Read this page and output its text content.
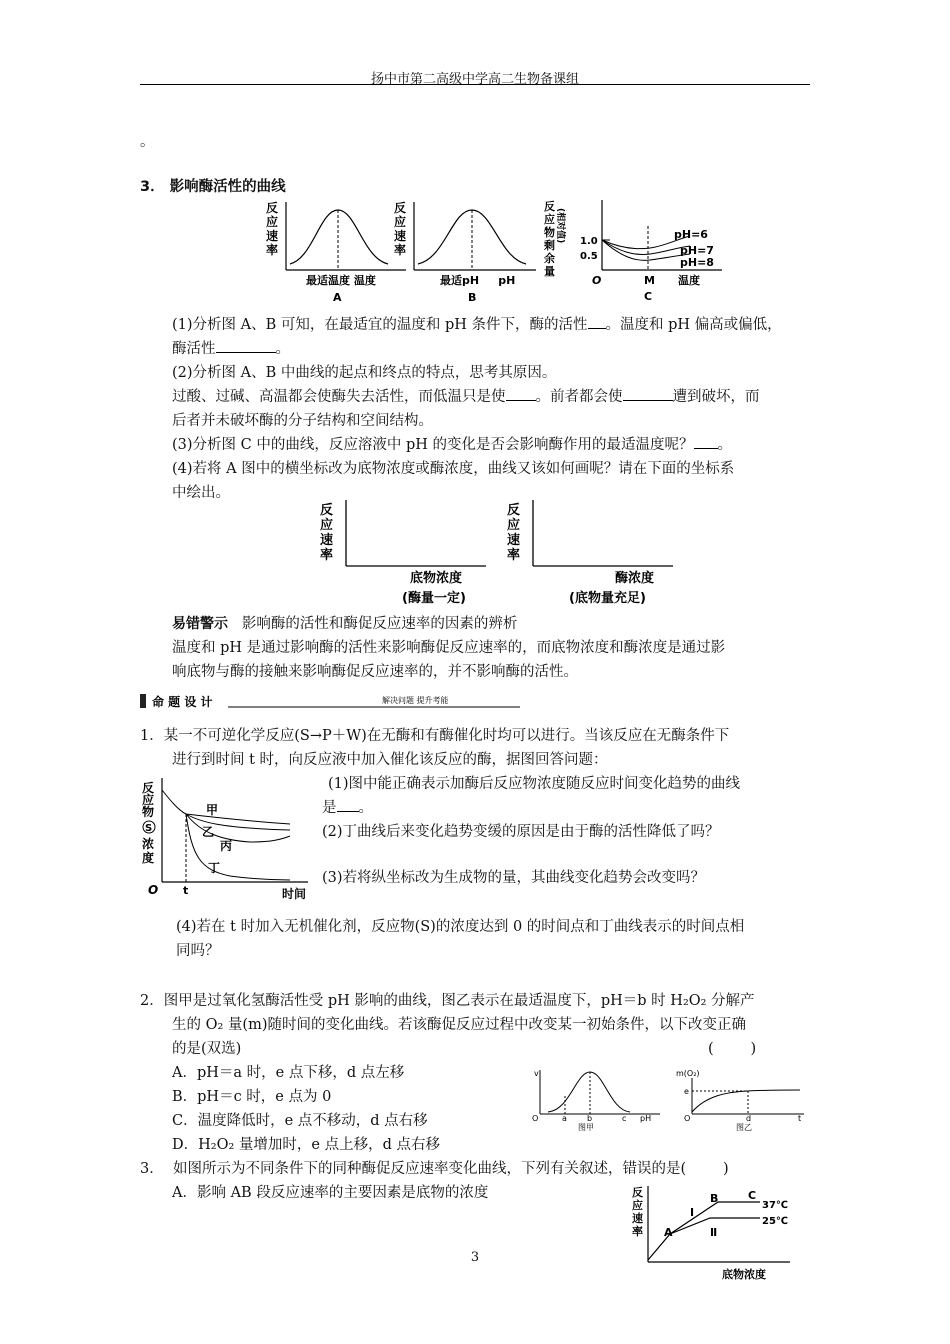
扬中市第二高级中学高二生物备课组
。
3． 影响酶活性的曲线
反
应
速
率
最适温度 温度
A
反
应
速
率
最适pH     pH
B
反
应
物
剩
余
量
(相对值) 1.0
0.5
pH=6
pH=7
pH=8
O	M 温度
C
(1)分析图 A、B 可知，在最适宜的温度和 pH 条件下，酶的活性 。温度和 pH 偏高或偏低，
酶活性	。
(2)分析图 A、B 中曲线的起点和终点的特点，思考其原因。
过酸、过碱、高温都会使酶失去活性，而低温只是使 。前者都会使	遭到破坏，而
后者并未破坏酶的分子结构和空间结构。
(3)分析图 C 中的曲线，反应溶液中 pH 的变化是否会影响酶作用的最适温度呢？ 。
(4)若将 A 图中的横坐标改为底物浓度或酶浓度，曲线又该如何画呢？请在下面的坐标系
中绘出。
反
应
速
率
底物浓度
(酶量一定)
反
应
速
率
酶浓度
(底物量充足)
易错警示 影响酶的活性和酶促反应速率的因素的辨析
温度和 pH 是通过影响酶的活性来影响酶促反应速率的，而底物浓度和酶浓度是通过影
响底物与酶的接触来影响酶促反应速率的，并不影响酶的活性。
命 题 设 计	解决问题 提升考能
1．某一不可逆化学反应(S→P＋W)在无酶和有酶催化时均可以进行。当该反应在无酶条件下
进行到时间 t 时，向反应液中加入催化该反应的酶，据图回答问题：
反
应
物
S
浓
度
甲
乙
丙
丁
O t	时间
(1)图中能正确表示加酶后反应物浓度随反应时间变化趋势的曲线
是 。
(2)丁曲线后来变化趋势变缓的原因是由于酶的活性降低了吗？
(3)若将纵坐标改为生成物的量，其曲线变化趋势会改变吗？
(4)若在 t 时加入无机催化剂，反应物(S)的浓度达到 0 的时间点和丁曲线表示的时间点相
同吗？
2．图甲是过氧化氢酶活性受 pH 影响的曲线，图乙表示在最适温度下，pH＝b 时 H₂O₂ 分解产
生的 O₂ 量(m)随时间的变化曲线。若该酶促反应过程中改变某一初始条件，以下改变正确
的是(双选)	(        )
A．pH＝a 时，e 点下移，d 点左移
B．pH＝c 时，e 点为 0
C．温度降低时，e 点不移动，d 点右移
D．H₂O₂ 量增加时，e 点上移，d 点右移
v
O	a	b	c pH
图甲
m(O₂)
e
O	d	t
图乙
3．  如图所示为不同条件下的同种酶促反应速率变化曲线，下列有关叙述，错误的是(        )
A．影响 AB 段反应速率的主要因素是底物的浓度	反
应
速
率 A
B	C
Ⅰ
Ⅱ
37℃
25℃
底物浓度
3
